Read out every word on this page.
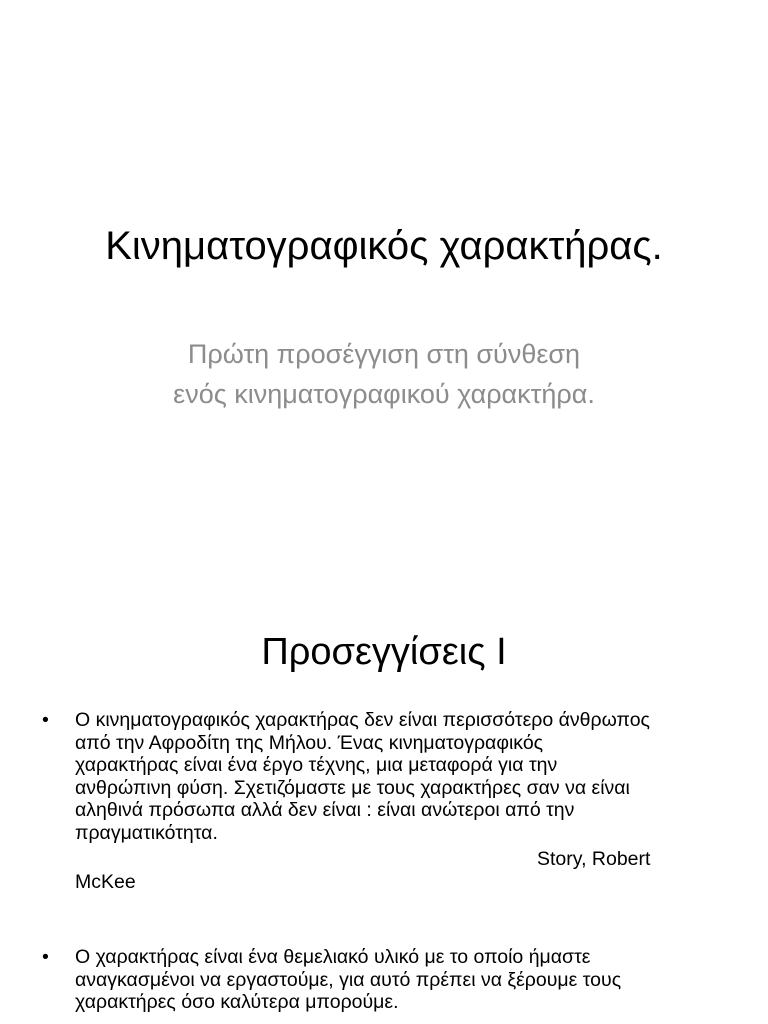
Κινηματογραφικός χαρακτήρας.
Πρώτη προσέγγιση στη σύνθεση
ενός κινηματογραφικού χαρακτήρα.
Προσεγγίσεις Ι
• Ο κινηματογραφικός χαρακτήρας δεν είναι περισσότερο άνθρωπος

από την Αφροδίτη της Μήλου. Ένας κινηματογραφικός

χαρακτήρας είναι ένα έργο τέχνης, μια μεταφορά για την

ανθρώπινη φύση. Σχετιζόμαστε με τους χαρακτήρες σαν να είναι

αληθινά πρόσωπα αλλά δεν είναι : είναι ανώτεροι από την

πραγματικότητα.

Story, Robert

McKee

• Ο χαρακτήρας είναι ένα θεμελιακό υλικό με το οποίο ήμαστε

αναγκασμένοι να εργαστούμε, για αυτό πρέπει να ξέρουμε τους

χαρακτήρες όσο καλύτερα μπορούμε.
